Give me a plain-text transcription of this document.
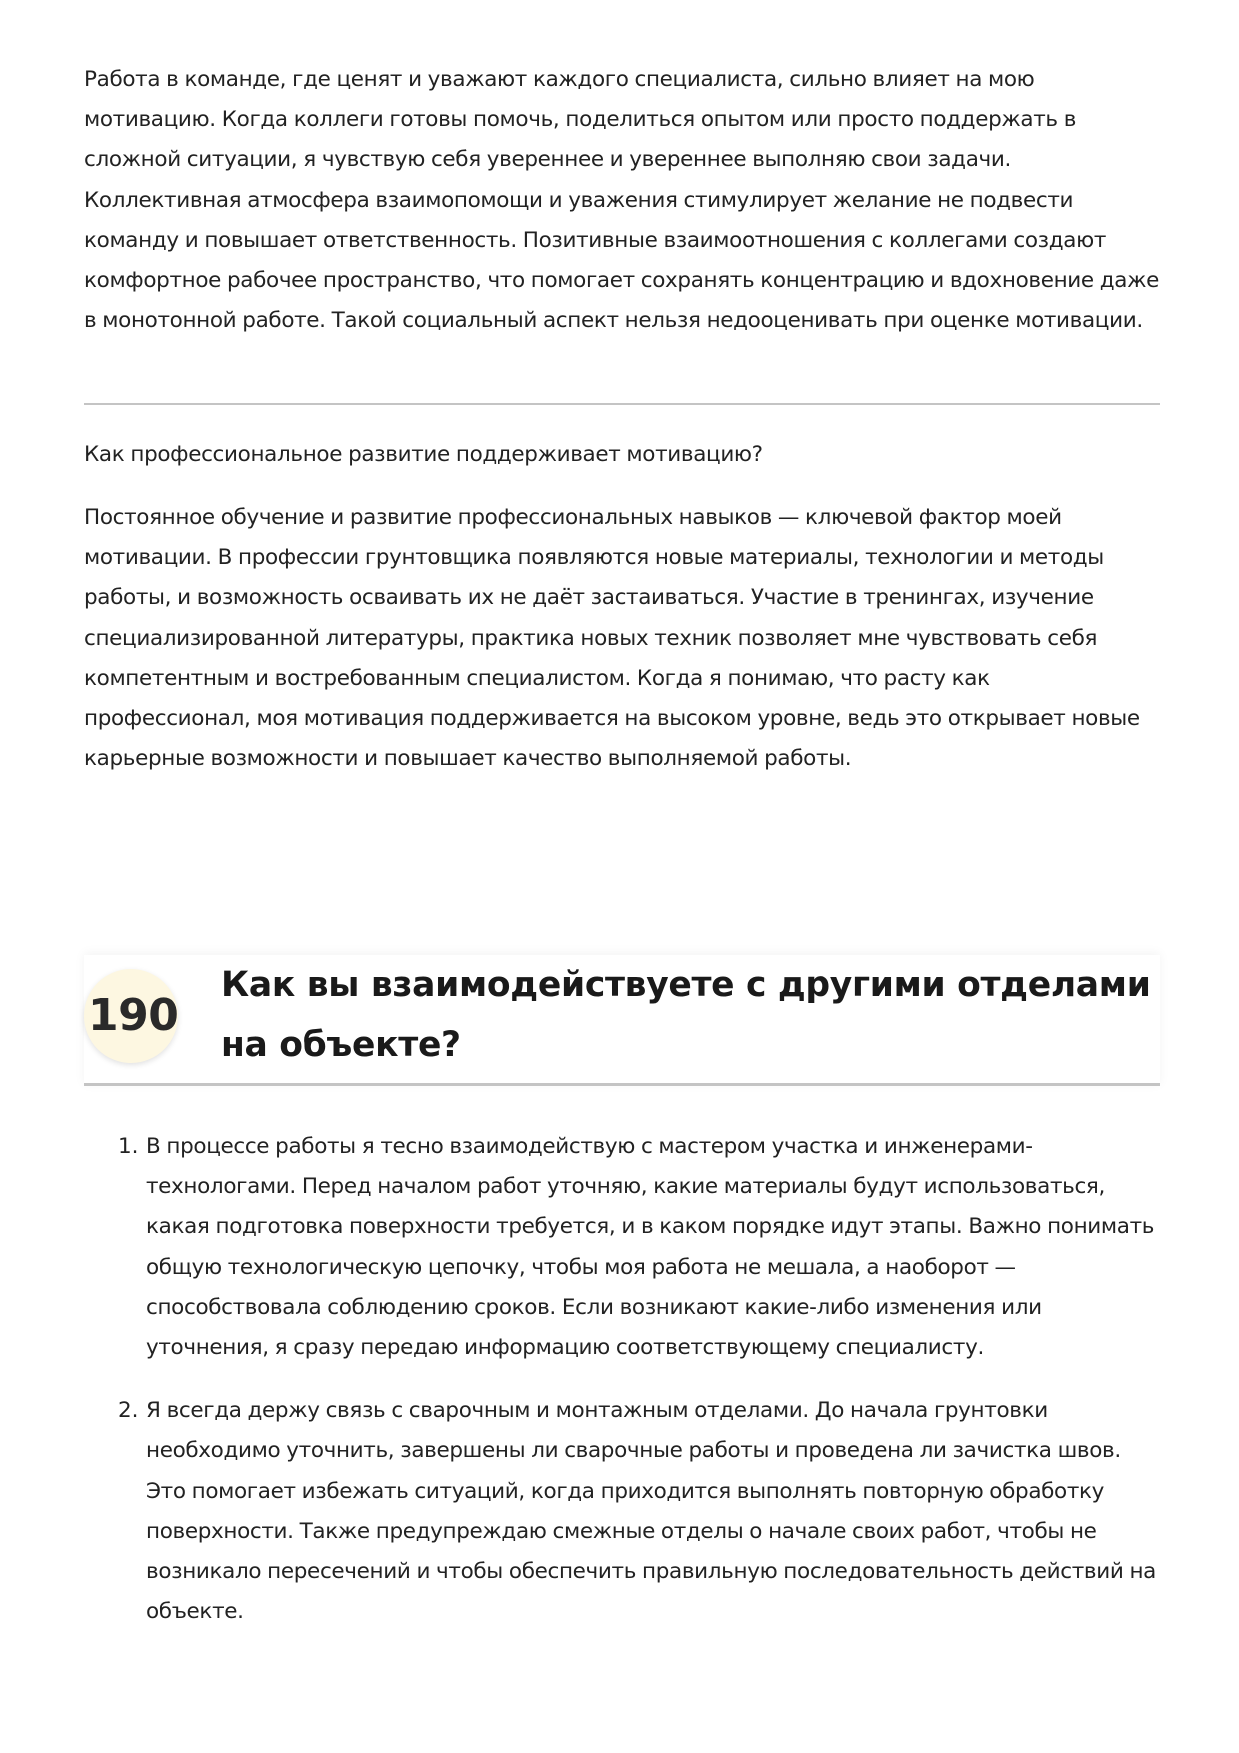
Работа в команде, где ценят и уважают каждого специалиста, сильно влияет на мою мотивацию. Когда коллеги готовы помочь, поделиться опытом или просто поддержать в сложной ситуации, я чувствую себя увереннее и увереннее выполняю свои задачи. Коллективная атмосфера взаимопомощи и уважения стимулирует желание не подвести команду и повышает ответственность. Позитивные взаимоотношения с коллегами создают комфортное рабочее пространство, что помогает сохранять концентрацию и вдохновение даже в монотонной работе. Такой социальный аспект нельзя недооценивать при оценке мотивации.

Как профессиональное развитие поддерживает мотивацию?

Постоянное обучение и развитие профессиональных навыков — ключевой фактор моей мотивации. В профессии грунтовщика появляются новые материалы, технологии и методы работы, и возможность осваивать их не даёт застаиваться. Участие в тренингах, изучение специализированной литературы, практика новых техник позволяет мне чувствовать себя компетентным и востребованным специалистом. Когда я понимаю, что расту как профессионал, моя мотивация поддерживается на высоком уровне, ведь это открывает новые карьерные возможности и повышает качество выполняемой работы.

190
Как вы взаимодействуете с другими отделами на объекте?
1. В процессе работы я тесно взаимодействую с мастером участка и инженерами-технологами. Перед началом работ уточняю, какие материалы будут использоваться, какая подготовка поверхности требуется, и в каком порядке идут этапы. Важно понимать общую технологическую цепочку, чтобы моя работа не мешала, а наоборот — способствовала соблюдению сроков. Если возникают какие-либо изменения или уточнения, я сразу передаю информацию соответствующему специалисту.

2. Я всегда держу связь с сварочным и монтажным отделами. До начала грунтовки необходимо уточнить, завершены ли сварочные работы и проведена ли зачистка швов. Это помогает избежать ситуаций, когда приходится выполнять повторную обработку поверхности. Также предупреждаю смежные отделы о начале своих работ, чтобы не возникало пересечений и чтобы обеспечить правильную последовательность действий на объекте.
